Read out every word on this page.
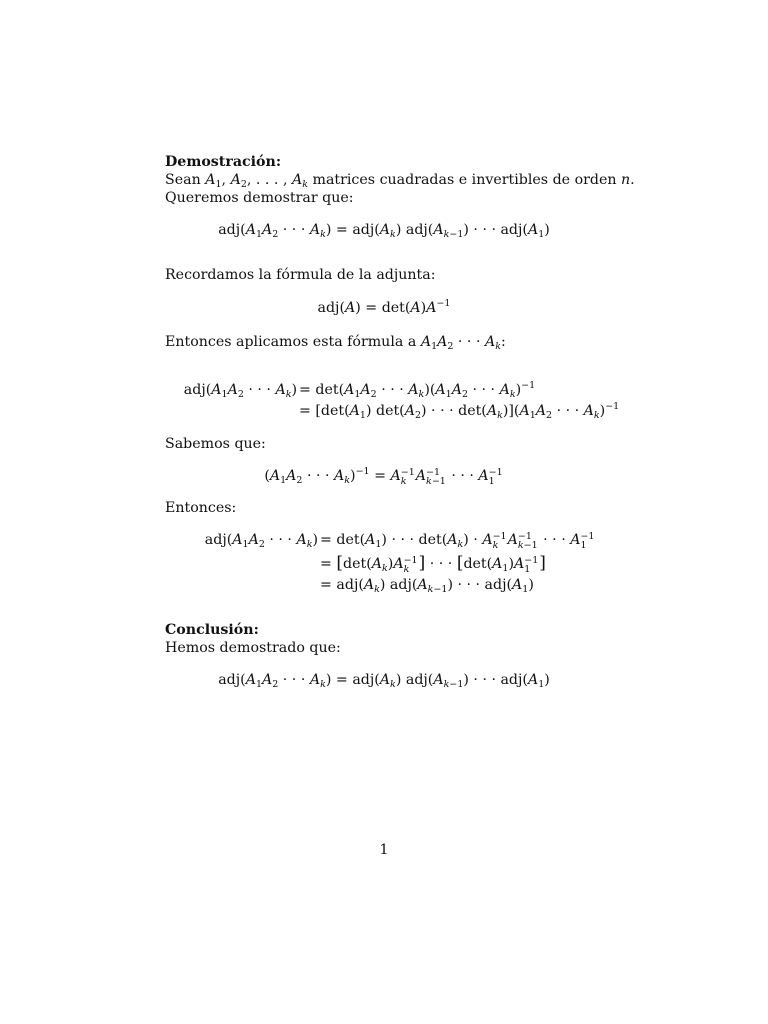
Demostración:
Sean $A_1$, $A_2$, . . . , $A_k$ matrices cuadradas e invertibles de orden n.
Queremos demostrar que:
$adj(A_1A_2$ · · · $A_k) = adj(A_k)$ $adj(A_{k-1})$ · · · $adj(A_1)$
Recordamos la fórmula de la adjunta:
$adj(A) = \det(A)A^{-1}$
Entonces aplicamos esta fórmula a $A_1A_2$ · · · $A_k$:
$adj(A_1A_2$ · · · $A_k) = \det(A_1A_2$ · · · $A_k)(A_1A_2$ · · · $A_k)^{-1}$
= [$\det(A_1) \det(A_2)$ · · · $\det(A_k)](A_1A_2$ · · · $A_k)^{-1}$
Sabemos que:
($A_1A_2$ · · · $A_k)^{-1} = A -1$
k A −1
k−1 · · · A −1
1
Entonces:
$adj(A_1A_2$ · · · $A_k) = \det(A_1)$ · · · $\det(A_k) \cdot A -1$
k A −1
k−1 · · · A −1
1
= [$\det(A_k)A -1$
k ] · · · [$\det(A_1)A -1$
1 ]
= $adj(A_k) adj(A_{k-1})$ · · · $adj(A_1)$
Conclusión:
Hemos demostrado que:
$adj(A_1A_2$ · · · $A_k) = adj(A_k)$ $adj(A_{k-1})$ · · · $adj(A_1)$
1
